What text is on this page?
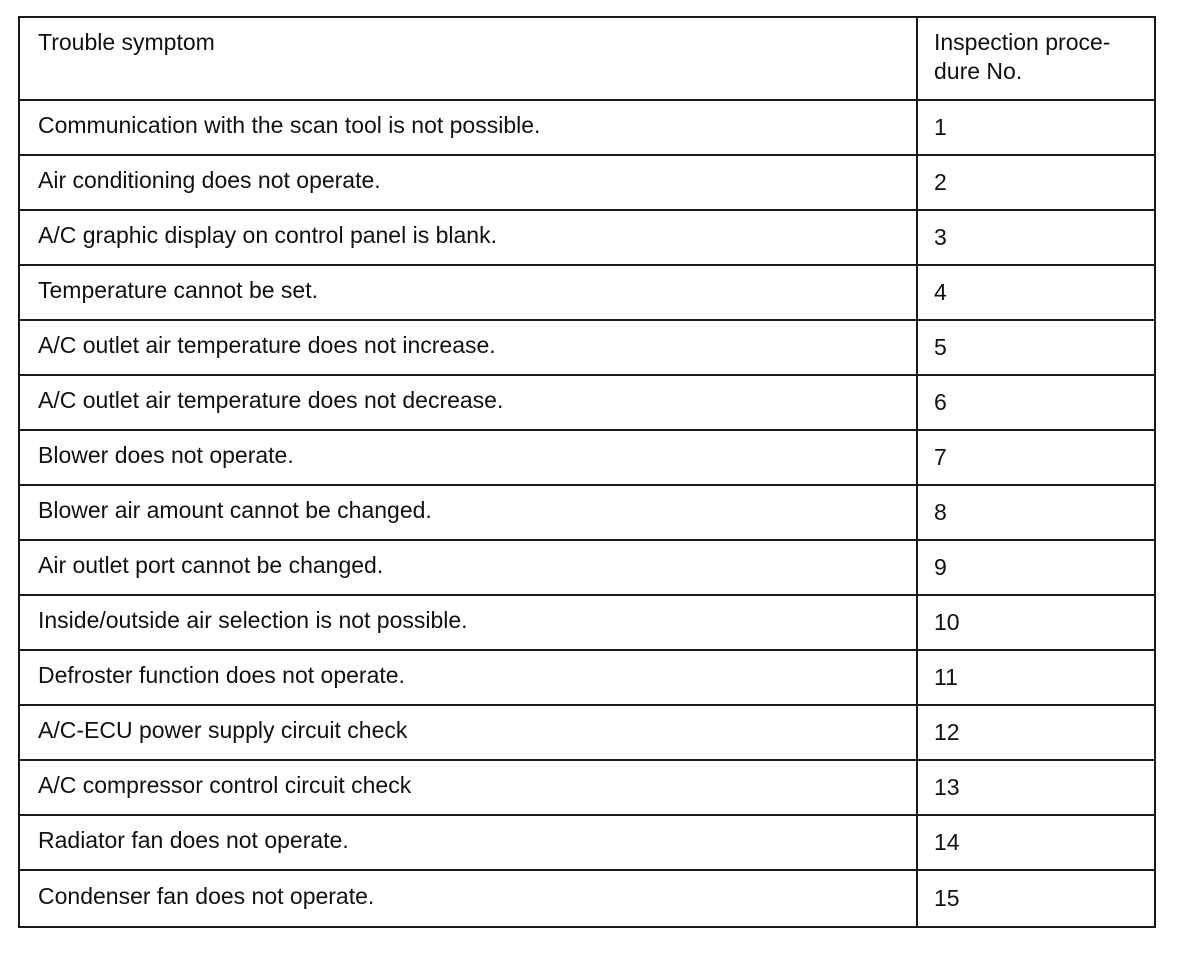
Trouble symptom	Inspection proce-
dure No.
Communication with the scan tool is not possible.	1
Air conditioning does not operate.	2
A/C graphic display on control panel is blank.	3
Temperature cannot be set.	4
A/C outlet air temperature does not increase.	5
A/C outlet air temperature does not decrease.	6
Blower does not operate.	7
Blower air amount cannot be changed.	8
Air outlet port cannot be changed.	9
Inside/outside air selection is not possible.	10
Defroster function does not operate.	11
A/C-ECU power supply circuit check	12
A/C compressor control circuit check	13
Radiator fan does not operate.	14
Condenser fan does not operate.	15
